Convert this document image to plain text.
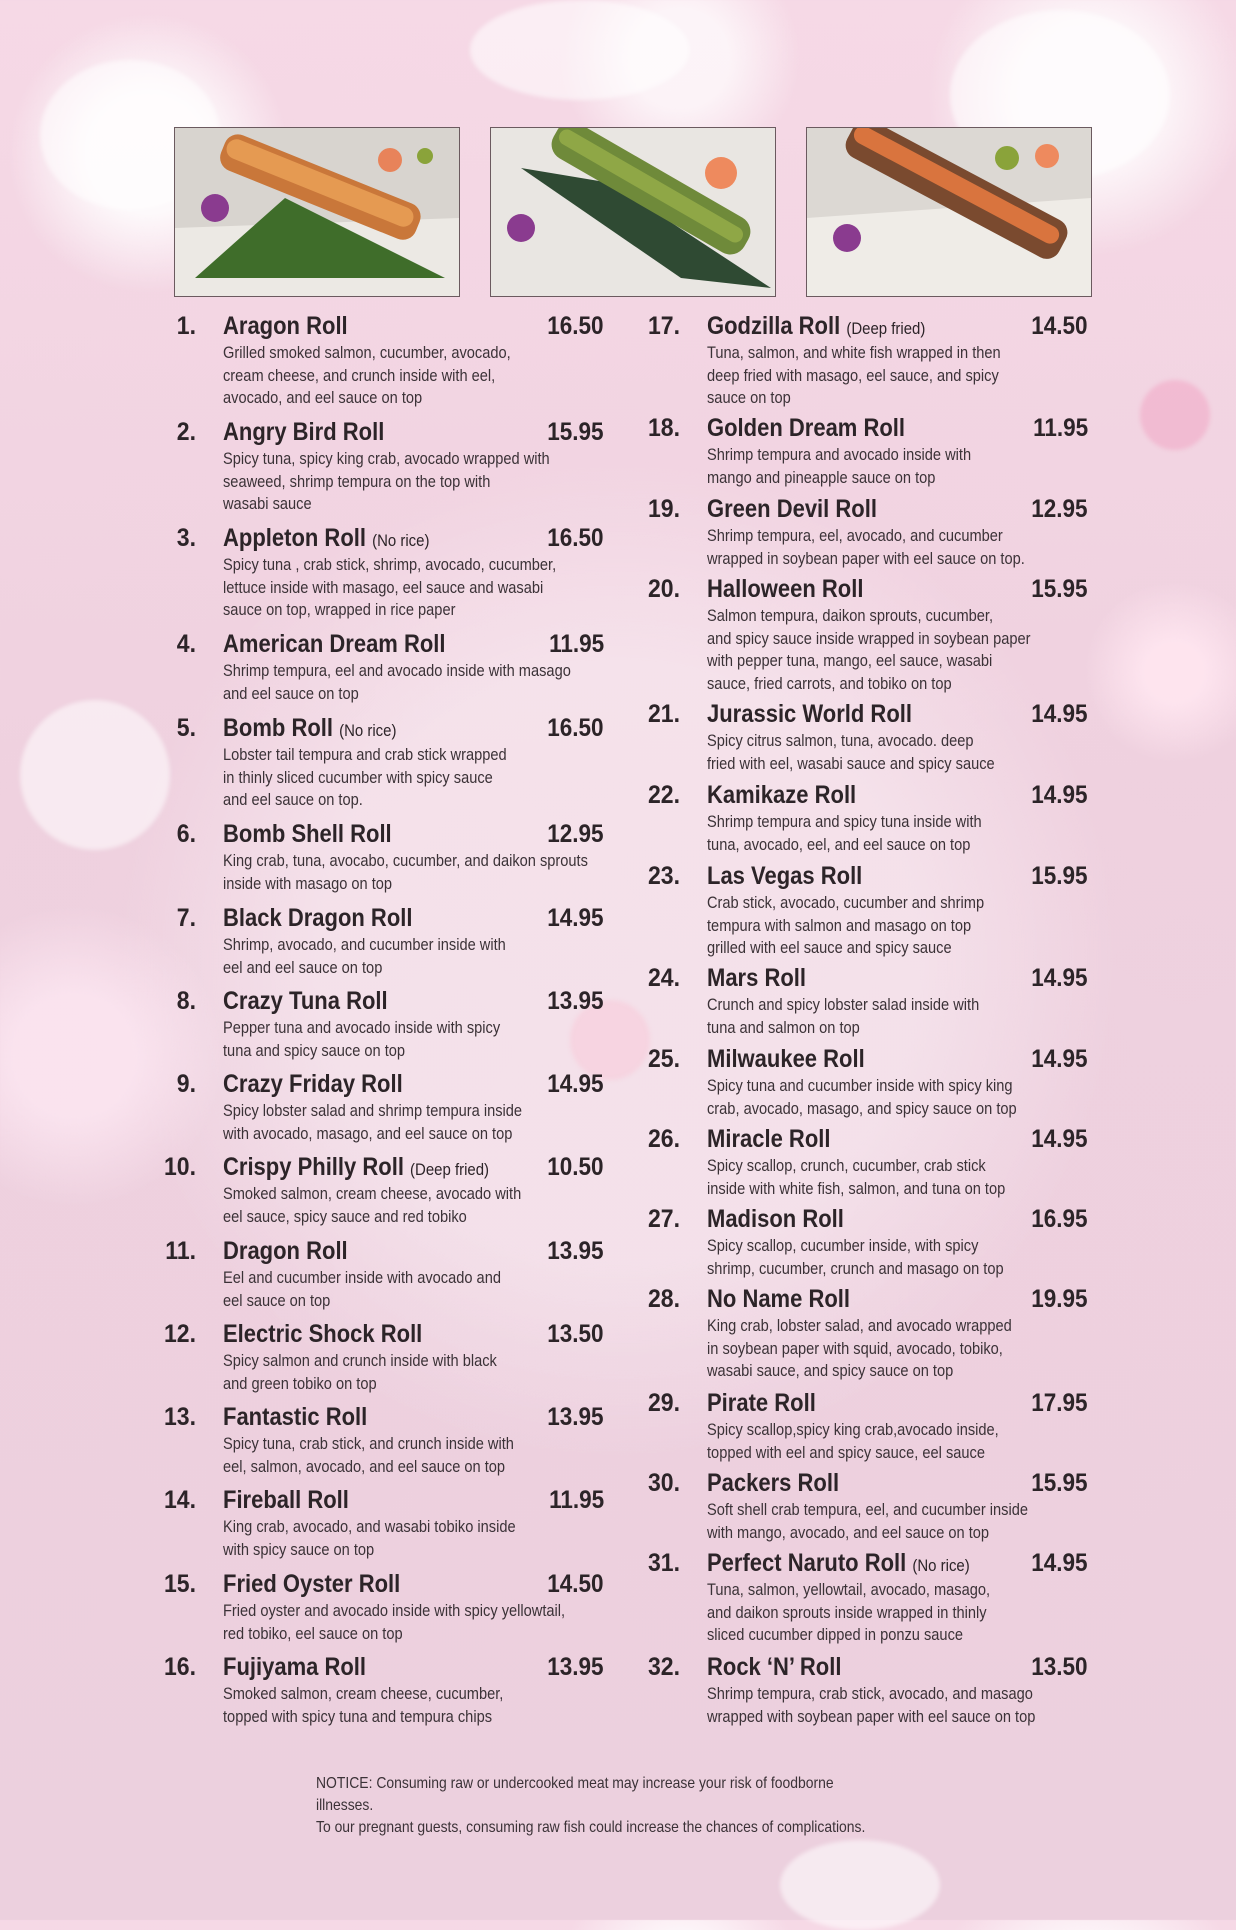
1. Aragon Roll	16.50
Grilled smoked salmon, cucumber, avocado,
cream cheese, and crunch inside with eel,
avocado, and eel sauce on top
2. Angry Bird Roll	15.95
Spicy tuna, spicy king crab, avocado wrapped with
seaweed, shrimp tempura on the top with
wasabi sauce
3. Appleton Roll (No rice)	16.50
Spicy tuna , crab stick, shrimp, avocado, cucumber,
lettuce inside with masago, eel sauce and wasabi
sauce on top, wrapped in rice paper
4. American Dream Roll	11.95
Shrimp tempura, eel and avocado inside with masago
and eel sauce on top
5. Bomb Roll (No rice)	16.50
Lobster tail tempura and crab stick wrapped
in thinly sliced cucumber with spicy sauce
and eel sauce on top.
6. Bomb Shell Roll	12.95
King crab, tuna, avocabo, cucumber, and daikon sprouts
inside with masago on top
7. Black Dragon Roll	14.95
Shrimp, avocado, and cucumber inside with
eel and eel sauce on top
8. Crazy Tuna Roll	13.95
Pepper tuna and avocado inside with spicy
tuna and spicy sauce on top
9. Crazy Friday Roll	14.95
Spicy lobster salad and shrimp tempura inside
with avocado, masago, and eel sauce on top
10. Crispy Philly Roll (Deep fried) 10.50
Smoked salmon, cream cheese, avocado with
eel sauce, spicy sauce and red tobiko
11. Dragon Roll	13.95
Eel and cucumber inside with avocado and
eel sauce on top
12. Electric Shock Roll	13.50
Spicy salmon and crunch inside with black
and green tobiko on top
13. Fantastic Roll	13.95
Spicy tuna, crab stick, and crunch inside with
eel, salmon, avocado, and eel sauce on top
14. Fireball Roll	11.95
King crab, avocado, and wasabi tobiko inside
with spicy sauce on top
15. Fried Oyster Roll	14.50
Fried oyster and avocado inside with spicy yellowtail,
red tobiko, eel sauce on top
16. Fujiyama Roll	13.95
Smoked salmon, cream cheese, cucumber,
topped with spicy tuna and tempura chips
17. Godzilla Roll (Deep fried)	14.50
Tuna, salmon, and white fish wrapped in then
deep fried with masago, eel sauce, and spicy
sauce on top
18. Golden Dream Roll	11.95
Shrimp tempura and avocado inside with
mango and pineapple sauce on top
19. Green Devil Roll	12.95
Shrimp tempura, eel, avocado, and cucumber
wrapped in soybean paper with eel sauce on top.
20. Halloween Roll	15.95
Salmon tempura, daikon sprouts, cucumber,
and spicy sauce inside wrapped in soybean paper
with pepper tuna, mango, eel sauce, wasabi
sauce, fried carrots, and tobiko on top
21. Jurassic World Roll	14.95
Spicy citrus salmon, tuna, avocado. deep
fried with eel, wasabi sauce and spicy sauce
22. Kamikaze Roll	14.95
Shrimp tempura and spicy tuna inside with
tuna, avocado, eel, and eel sauce on top
23. Las Vegas Roll	15.95
Crab stick, avocado, cucumber and shrimp
tempura with salmon and masago on top
grilled with eel sauce and spicy sauce
24. Mars Roll	14.95
Crunch and spicy lobster salad inside with
tuna and salmon on top
25. Milwaukee Roll	14.95
Spicy tuna and cucumber inside with spicy king
crab, avocado, masago, and spicy sauce on top
26. Miracle Roll	14.95
Spicy scallop, crunch, cucumber, crab stick
inside with white fish, salmon, and tuna on top
27. Madison Roll	16.95
Spicy scallop, cucumber inside, with spicy
shrimp, cucumber, crunch and masago on top
28. No Name Roll	19.95
King crab, lobster salad, and avocado wrapped
in soybean paper with squid, avocado, tobiko,
wasabi sauce, and spicy sauce on top
29. Pirate Roll	17.95
Spicy scallop,spicy king crab,avocado inside,
topped with eel and spicy sauce, eel sauce
30. Packers Roll	15.95
Soft shell crab tempura, eel, and cucumber inside
with mango, avocado, and eel sauce on top
31. Perfect Naruto Roll (No rice) 14.95
Tuna, salmon, yellowtail, avocado, masago,
and daikon sprouts inside wrapped in thinly
sliced cucumber dipped in ponzu sauce
32. Rock ‘N’ Roll	13.50
Shrimp tempura, crab stick, avocado, and masago
wrapped with soybean paper with eel sauce on top
NOTICE: Consuming raw or undercooked meat may increase your risk of foodborne illnesses.
To our pregnant guests, consuming raw fish could increase the chances of complications.
